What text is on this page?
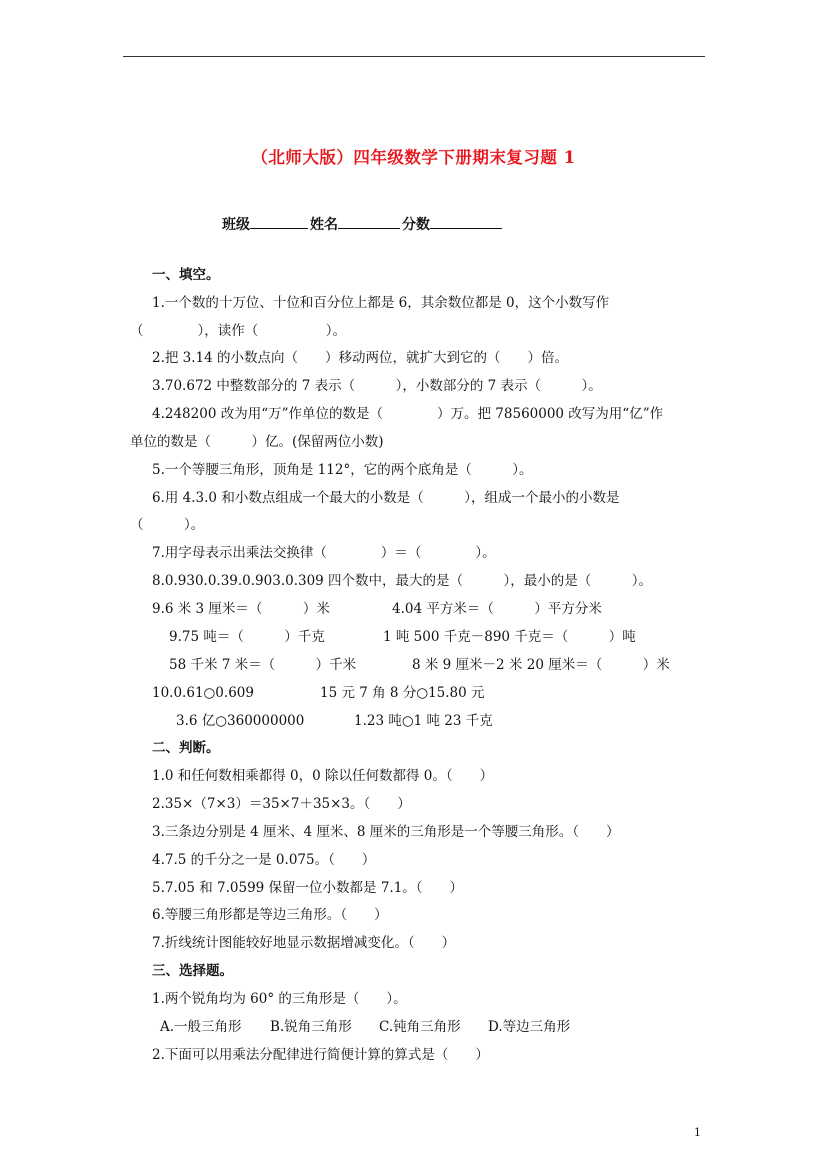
（北师大版）四年级数学下册期末复习题 1
班级	姓名	分数
一、填空。
1.一个数的十万位、十位和百分位上都是 6，其余数位都是 0，这个小数写作
（　　　　），读作（　　　　　）。
2.把 3.14 的小数点向（　　）移动两位，就扩大到它的（　　）倍。
3.70.672 中整数部分的 7 表示（　　　），小数部分的 7 表示（　　　）。
4.248200 改为用“万”作单位的数是（　　　　）万。把 78560000 改写为用“亿”作
单位的数是（　　　）亿。(保留两位小数)
5.一个等腰三角形，顶角是 112°，它的两个底角是（　　　）。
6.用 4.3.0 和小数点组成一个最大的小数是（　　　），组成一个最小的小数是
（　　　）。
7.用字母表示出乘法交换律（　　　　）＝（　　　　）。
8.0.930.0.39.0.903.0.309 四个数中，最大的是（　　　），最小的是（　　　）。
9.6 米 3 厘米＝（　　　）米	4.04 平方米＝（　　　）平方分米
9.75 吨＝（　　　）千克	1 吨 500 千克－890 千克＝（　　　）吨
58 千米 7 米＝（　　　）千米	8 米 9 厘米－2 米 20 厘米＝（　　　）米
10.0.61○0.609	15 元 7 角 8 分○15.80 元
3.6 亿○360000000	1.23 吨○1 吨 23 千克
二、判断。
1.0 和任何数相乘都得 0，0 除以任何数都得 0。（　　）
2.35×（7×3）＝35×7＋35×3。（　　）
3.三条边分别是 4 厘米、4 厘米、8 厘米的三角形是一个等腰三角形。（　　）
4.7.5 的千分之一是 0.075。（　　）
5.7.05 和 7.0599 保留一位小数都是 7.1。（　　）
6.等腰三角形都是等边三角形。（　　）
7.折线统计图能较好地显示数据增减变化。（　　）
三、选择题。
1.两个锐角均为 60° 的三角形是（　　）。
A.一般三角形 B.锐角三角形 C.钝角三角形 D.等边三角形
2.下面可以用乘法分配律进行简便计算的算式是（　　）
1
